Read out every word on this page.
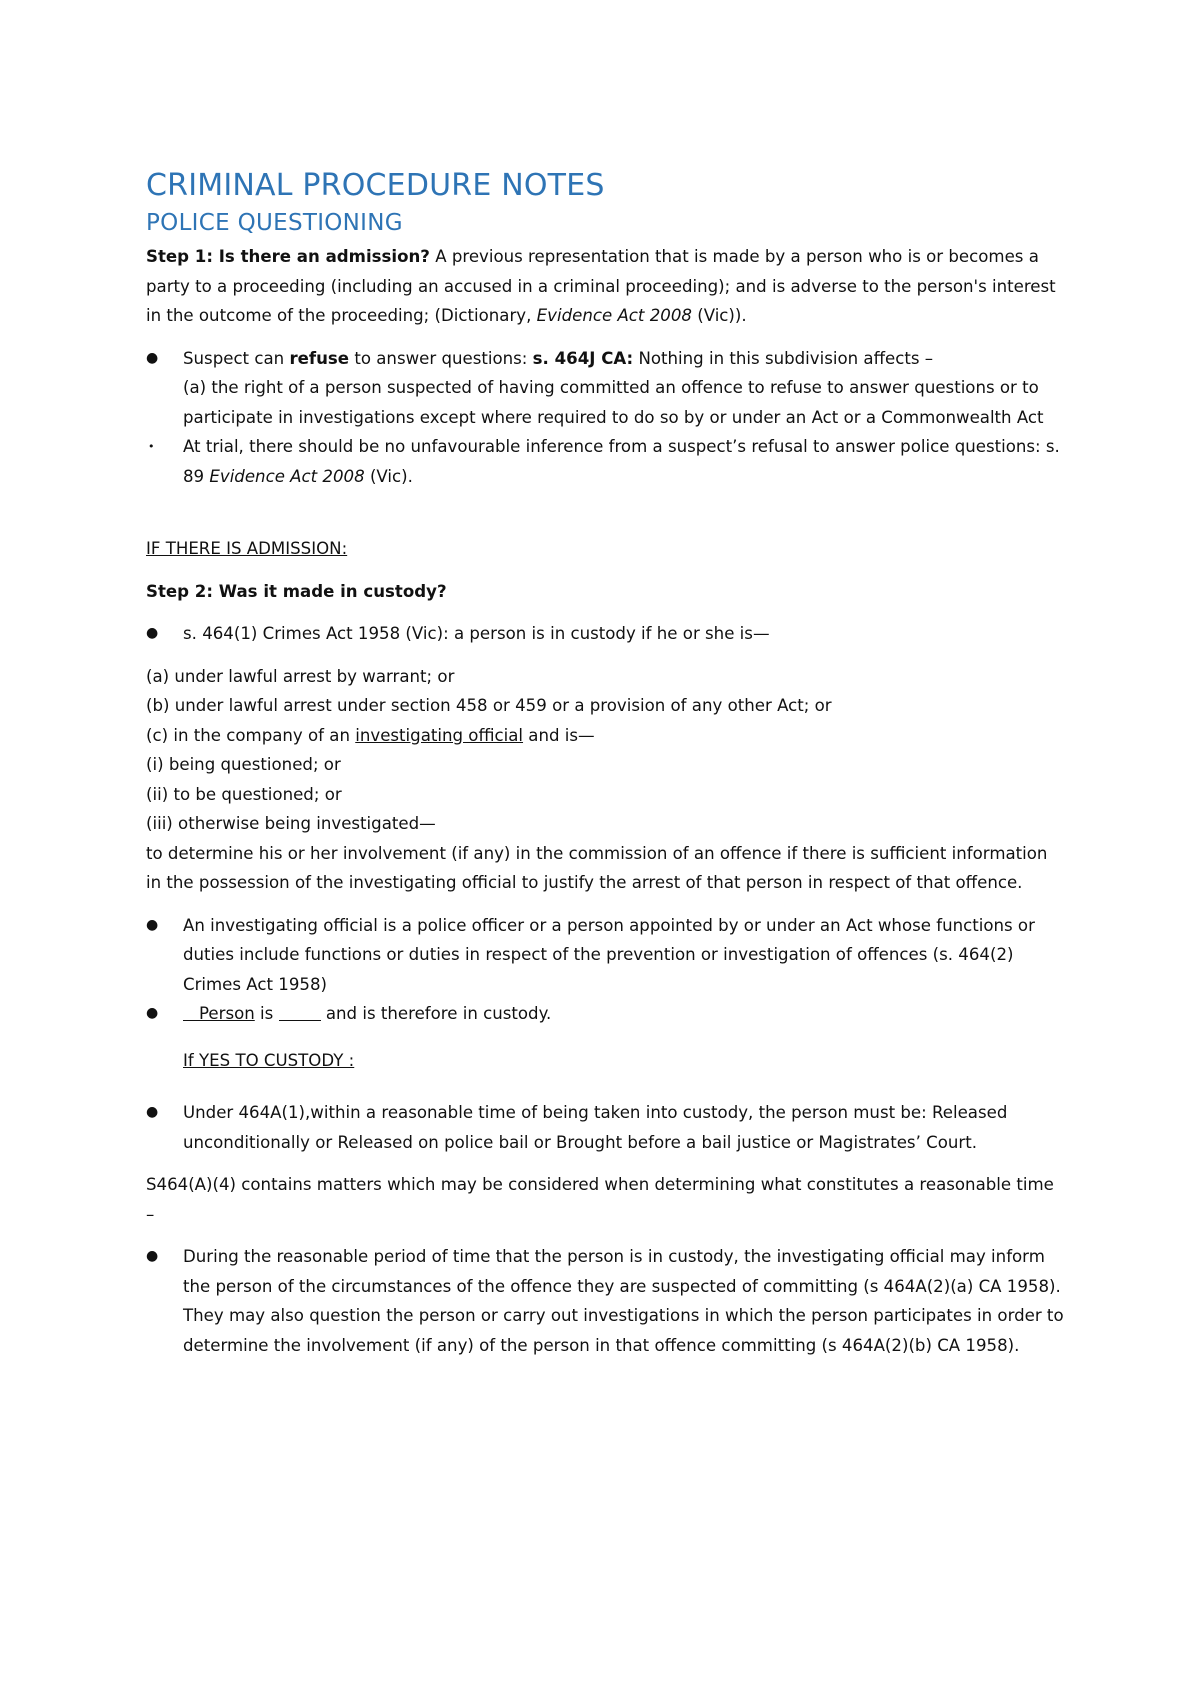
CRIMINAL PROCEDURE NOTES
POLICE QUESTIONING

Step 1: Is there an admission? A previous representation that is made by a person who is or becomes a party to a proceeding (including an accused in a criminal proceeding); and is adverse to the person's interest in the outcome of the proceeding; (Dictionary, Evidence Act 2008 (Vic)).

● Suspect can refuse to answer questions: s. 464J CA: Nothing in this subdivision affects –
(a) the right of a person suspected of having committed an offence to refuse to answer questions or to participate in investigations except where required to do so by or under an Act or a Commonwealth Act
• At trial, there should be no unfavourable inference from a suspect’s refusal to answer police questions: s. 89 Evidence Act 2008 (Vic).

IF THERE IS ADMISSION:

Step 2: Was it made in custody?

● s. 464(1) Crimes Act 1958 (Vic): a person is in custody if he or she is—

(a) under lawful arrest by warrant; or

(b) under lawful arrest under section 458 or 459 or a provision of any other Act; or

(c) in the company of an investigating official and is—

(i) being questioned; or

(ii) to be questioned; or

(iii) otherwise being investigated—

to determine his or her involvement (if any) in the commission of an offence if there is sufficient information in the possession of the investigating official to justify the arrest of that person in respect of that offence.

● An investigating official is a police officer or a person appointed by or under an Act whose functions or duties include functions or duties in respect of the prevention or investigation of offences (s. 464(2) Crimes Act 1958)
● Person is	and is therefore in custody.

If YES TO CUSTODY :

● Under 464A(1),within a reasonable time of being taken into custody, the person must be: Released unconditionally or Released on police bail or Brought before a bail justice or Magistrates’ Court.

S464(A)(4) contains matters which may be considered when determining what constitutes a reasonable time –

● During the reasonable period of time that the person is in custody, the investigating official may inform the person of the circumstances of the offence they are suspected of committing (s 464A(2)(a) CA 1958).
They may also question the person or carry out investigations in which the person participates in order to determine the involvement (if any) of the person in that offence committing (s 464A(2)(b) CA 1958).
